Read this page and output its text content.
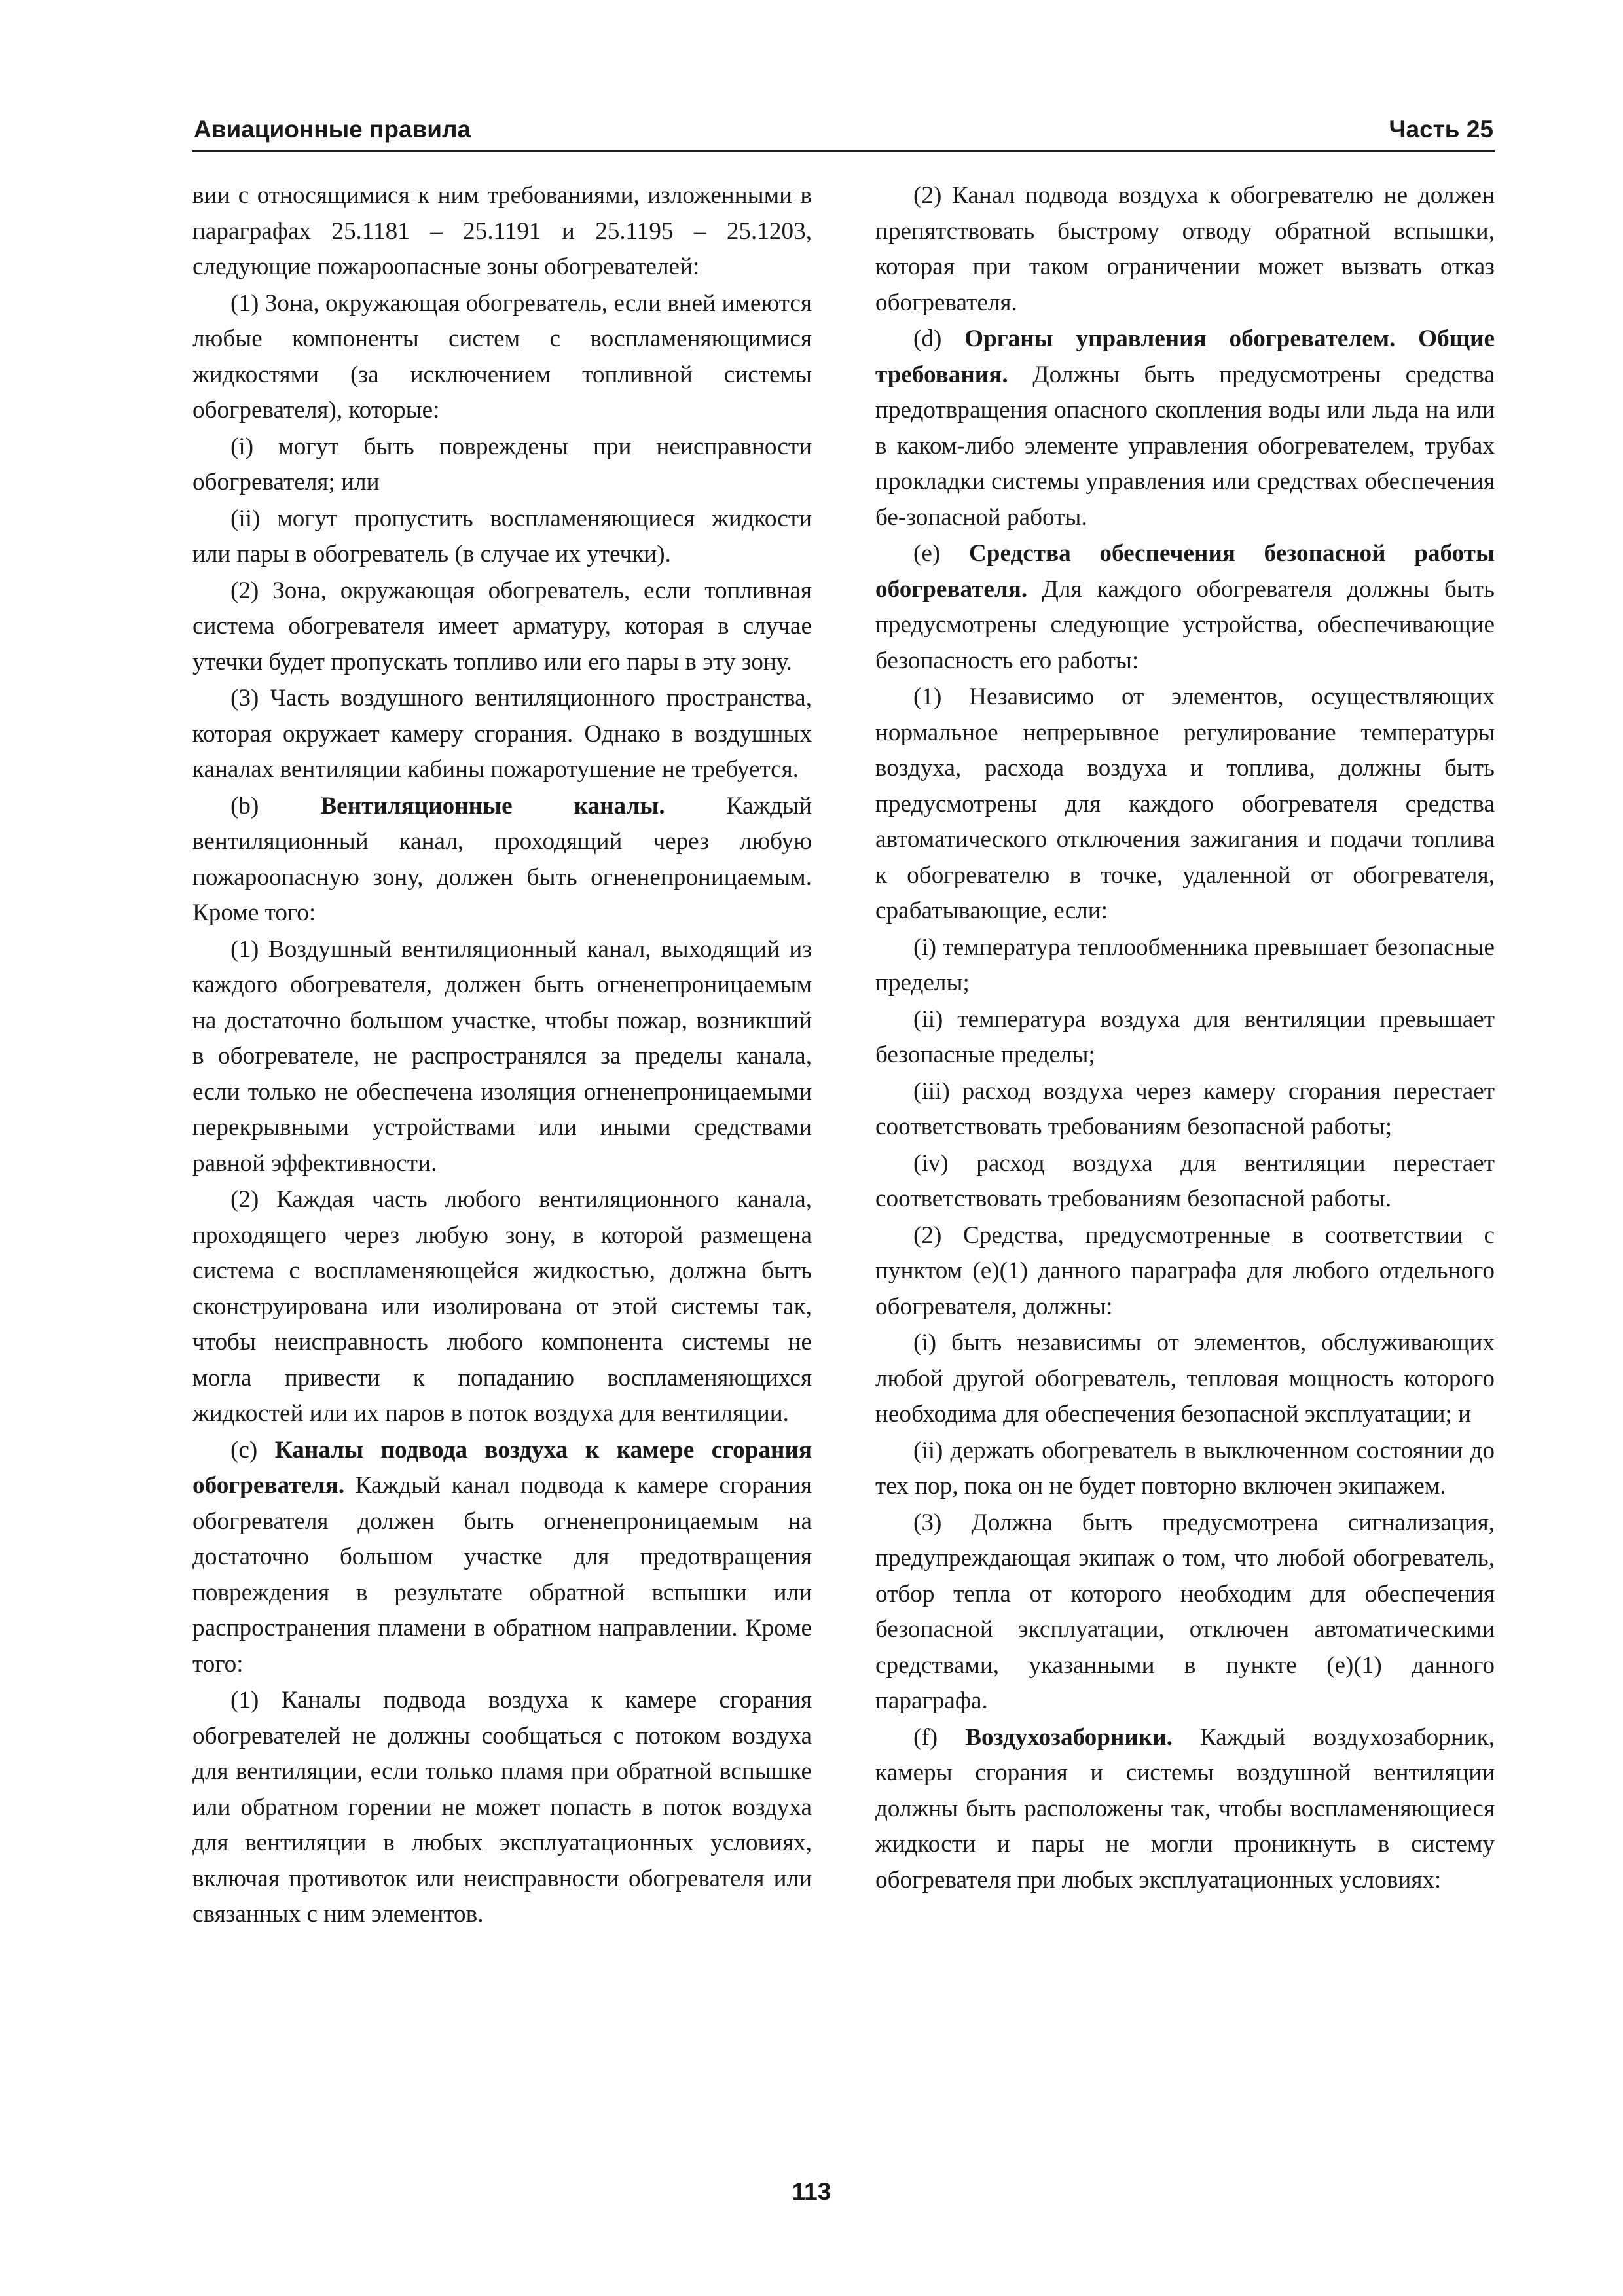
Авиационные правила	Часть 25
вии с относящимися к ним требованиями, изложенными в параграфах 25.1181 – 25.1191 и 25.1195 – 25.1203, следующие пожароопасные зоны обогревателей:
(1) Зона, окружающая обогреватель, если вней имеются любые компоненты систем с воспламеняющимися жидкостями (за исключением топливной системы обогревателя), которые:
(i) могут быть повреждены при неисправности обогревателя; или
(ii) могут пропустить воспламеняющиеся жидкости или пары в обогреватель (в случае их утечки).
(2) Зона, окружающая обогреватель, если топливная система обогревателя имеет арматуру, которая в случае утечки будет пропускать топливо или его пары в эту зону.
(3) Часть воздушного вентиляционного пространства, которая окружает камеру сгорания. Однако в воздушных каналах вентиляции кабины пожаротушение не требуется.
(b) Вентиляционные каналы. Каждый вентиляционный канал, проходящий через любую пожароопасную зону, должен быть огненепроницаемым. Кроме того:
(1) Воздушный вентиляционный канал, выходящий из каждого обогревателя, должен быть огненепроницаемым на достаточно большом участке, чтобы пожар, возникший в обогревателе, не распространялся за пределы канала, если только не обеспечена изоляция огненепроницаемыми перекрывными устройствами или иными средствами равной эффективности.
(2) Каждая часть любого вентиляционного канала, проходящего через любую зону, в которой размещена система с воспламеняющейся жидкостью, должна быть сконструирована или изолирована от этой системы так, чтобы неисправность любого компонента системы не могла привести к попаданию воспламеняющихся жидкостей или их паров в поток воздуха для вентиляции.
(c) Каналы подвода воздуха к камере сгорания обогревателя. Каждый канал подвода к камере сгорания обогревателя должен быть огненепроницаемым на достаточно большом участке для предотвращения повреждения в результате обратной вспышки или распространения пламени в обратном направлении. Кроме того:
(1) Каналы подвода воздуха к камере сгорания обогревателей не должны сообщаться с потоком воздуха для вентиляции, если только пламя при обратной вспышке или обратном горении не может попасть в поток воздуха для вентиляции в любых эксплуатационных условиях, включая противоток или неисправности обогревателя или связанных с ним элементов.
(2) Канал подвода воздуха к обогревателю не должен препятствовать быстрому отводу обратной вспышки, которая при таком ограничении может вызвать отказ обогревателя.
(d) Органы управления обогревателем. Общие требования. Должны быть предусмотрены средства предотвращения опасного скопления воды или льда на или в каком-либо элементе управления обогревателем, трубах прокладки системы управления или средствах обеспечения бе-зопасной работы.
(e) Средства обеспечения безопасной работы обогревателя. Для каждого обогревателя должны быть предусмотрены следующие устройства, обеспечивающие безопасность его работы:
(1) Независимо от элементов, осуществляющих нормальное непрерывное регулирование температуры воздуха, расхода воздуха и топлива, должны быть предусмотрены для каждого обогревателя средства автоматического отключения зажигания и подачи топлива к обогревателю в точке, удаленной от обогревателя, срабатывающие, если:
(i) температура теплообменника превышает безопасные пределы;
(ii) температура воздуха для вентиляции превышает безопасные пределы;
(iii) расход воздуха через камеру сгорания перестает соответствовать требованиям безопасной работы;
(iv) расход воздуха для вентиляции перестает соответствовать требованиям безопасной работы.
(2) Средства, предусмотренные в соответствии с пунктом (e)(1) данного параграфа для любого отдельного обогревателя, должны:
(i) быть независимы от элементов, обслуживающих любой другой обогреватель, тепловая мощность которого необходима для обеспечения безопасной эксплуатации; и
(ii) держать обогреватель в выключенном состоянии до тех пор, пока он не будет повторно включен экипажем.
(3) Должна быть предусмотрена сигнализация, предупреждающая экипаж о том, что любой обогреватель, отбор тепла от которого необходим для обеспечения безопасной эксплуатации, отключен автоматическими средствами, указанными в пункте (e)(1) данного параграфа.
(f) Воздухозаборники. Каждый воздухозаборник, камеры сгорания и системы воздушной вентиляции должны быть расположены так, чтобы воспламеняющиеся жидкости и пары не могли проникнуть в систему обогревателя при любых эксплуатационных условиях:
113
